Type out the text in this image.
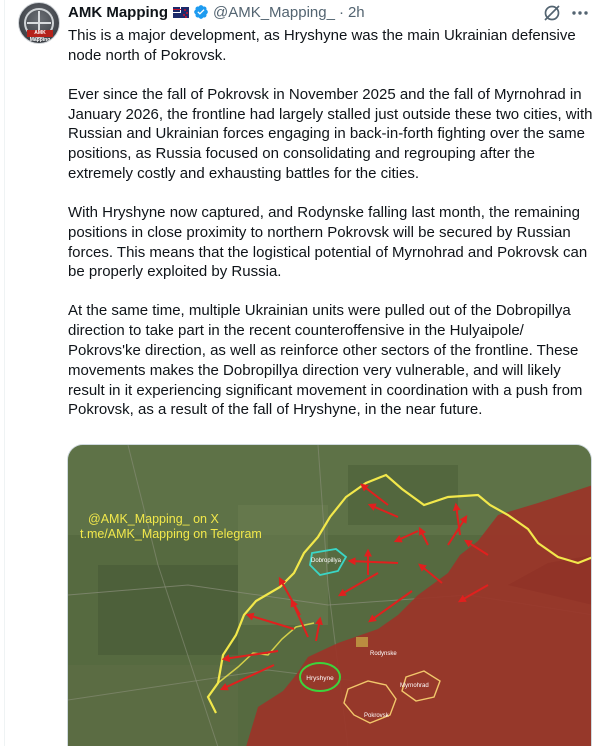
AMK Mapping
AMK Mapping	@AMK_Mapping_ · 2h

This is a major development, as Hryshyne was the main Ukrainian defensive node north of Pokrovsk.

Ever since the fall of Pokrovsk in November 2025 and the fall of Myrnohrad in January 2026, the frontline had largely stalled just outside these two cities, with Russian and Ukrainian forces engaging in back-in-forth fighting over the same positions, as Russia focused on consolidating and regrouping after the extremely costly and exhausting battles for the cities.

With Hryshyne now captured, and Rodynske falling last month, the remaining positions in close proximity to northern Pokrovsk will be secured by Russian forces. This means that the logistical potential of Myrnohrad and Pokrovsk can be properly exploited by Russia.

At the same time, multiple Ukrainian units were pulled out of the Dobropillya direction to take part in the recent counteroffensive in the Hulyaipole/ Pokrovs'ke direction, as well as reinforce other sectors of the frontline. These movements makes the Dobropillya direction very vulnerable, and will likely result in it experiencing significant movement in coordination with a push from Pokrovsk, as a result of the fall of Hryshyne, in the near future.

Dobropillya
Pokrovsk
Myrnohrad
Rodynske
Hryshyne
@AMK_Mapping_ on X
t.me/AMK_Mapping on Telegram
